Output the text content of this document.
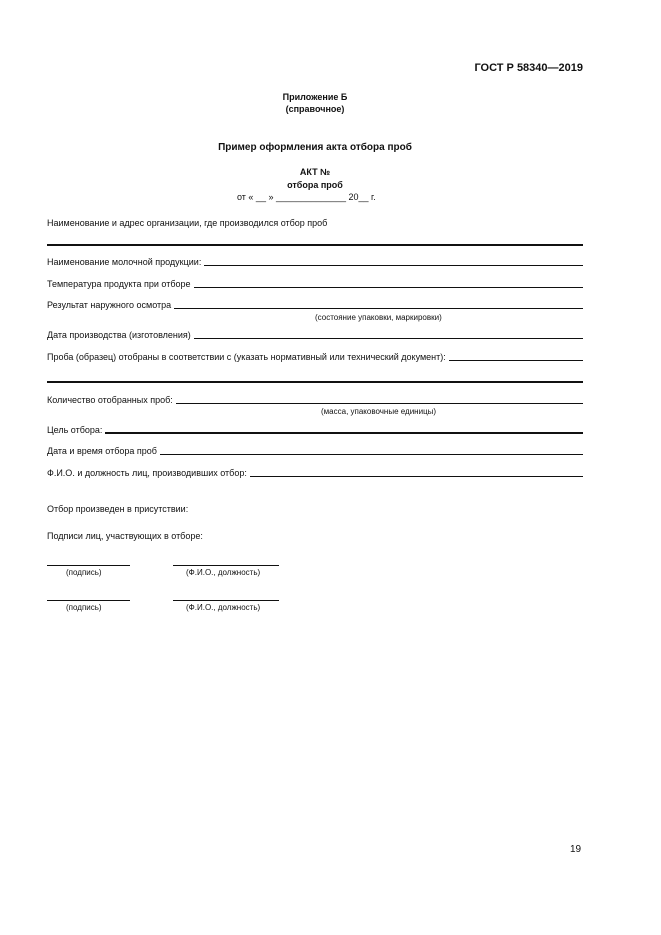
ГОСТ Р 58340—2019
Приложение Б
(справочное)
Пример оформления акта отбора проб
АКТ №
отбора проб
от « __ » ______________ 20__ г.
Наименование и адрес организации, где производился отбор проб
Наименование молочной продукции:
Температура продукта при отборе
Результат наружного осмотра
(состояние упаковки, маркировки)
Дата производства (изготовления)
Проба (образец) отобраны в соответствии с (указать нормативный или технический документ):
Количество отобранных проб:
(масса, упаковочные единицы)
Цель отбора:
Дата и время отбора проб
Ф.И.О. и должность лиц, производивших отбор:
Отбор произведен в присутствии:
Подписи лиц, участвующих в отборе:
(подпись)	(Ф.И.О., должность)
(подпись)	(Ф.И.О., должность)
19
